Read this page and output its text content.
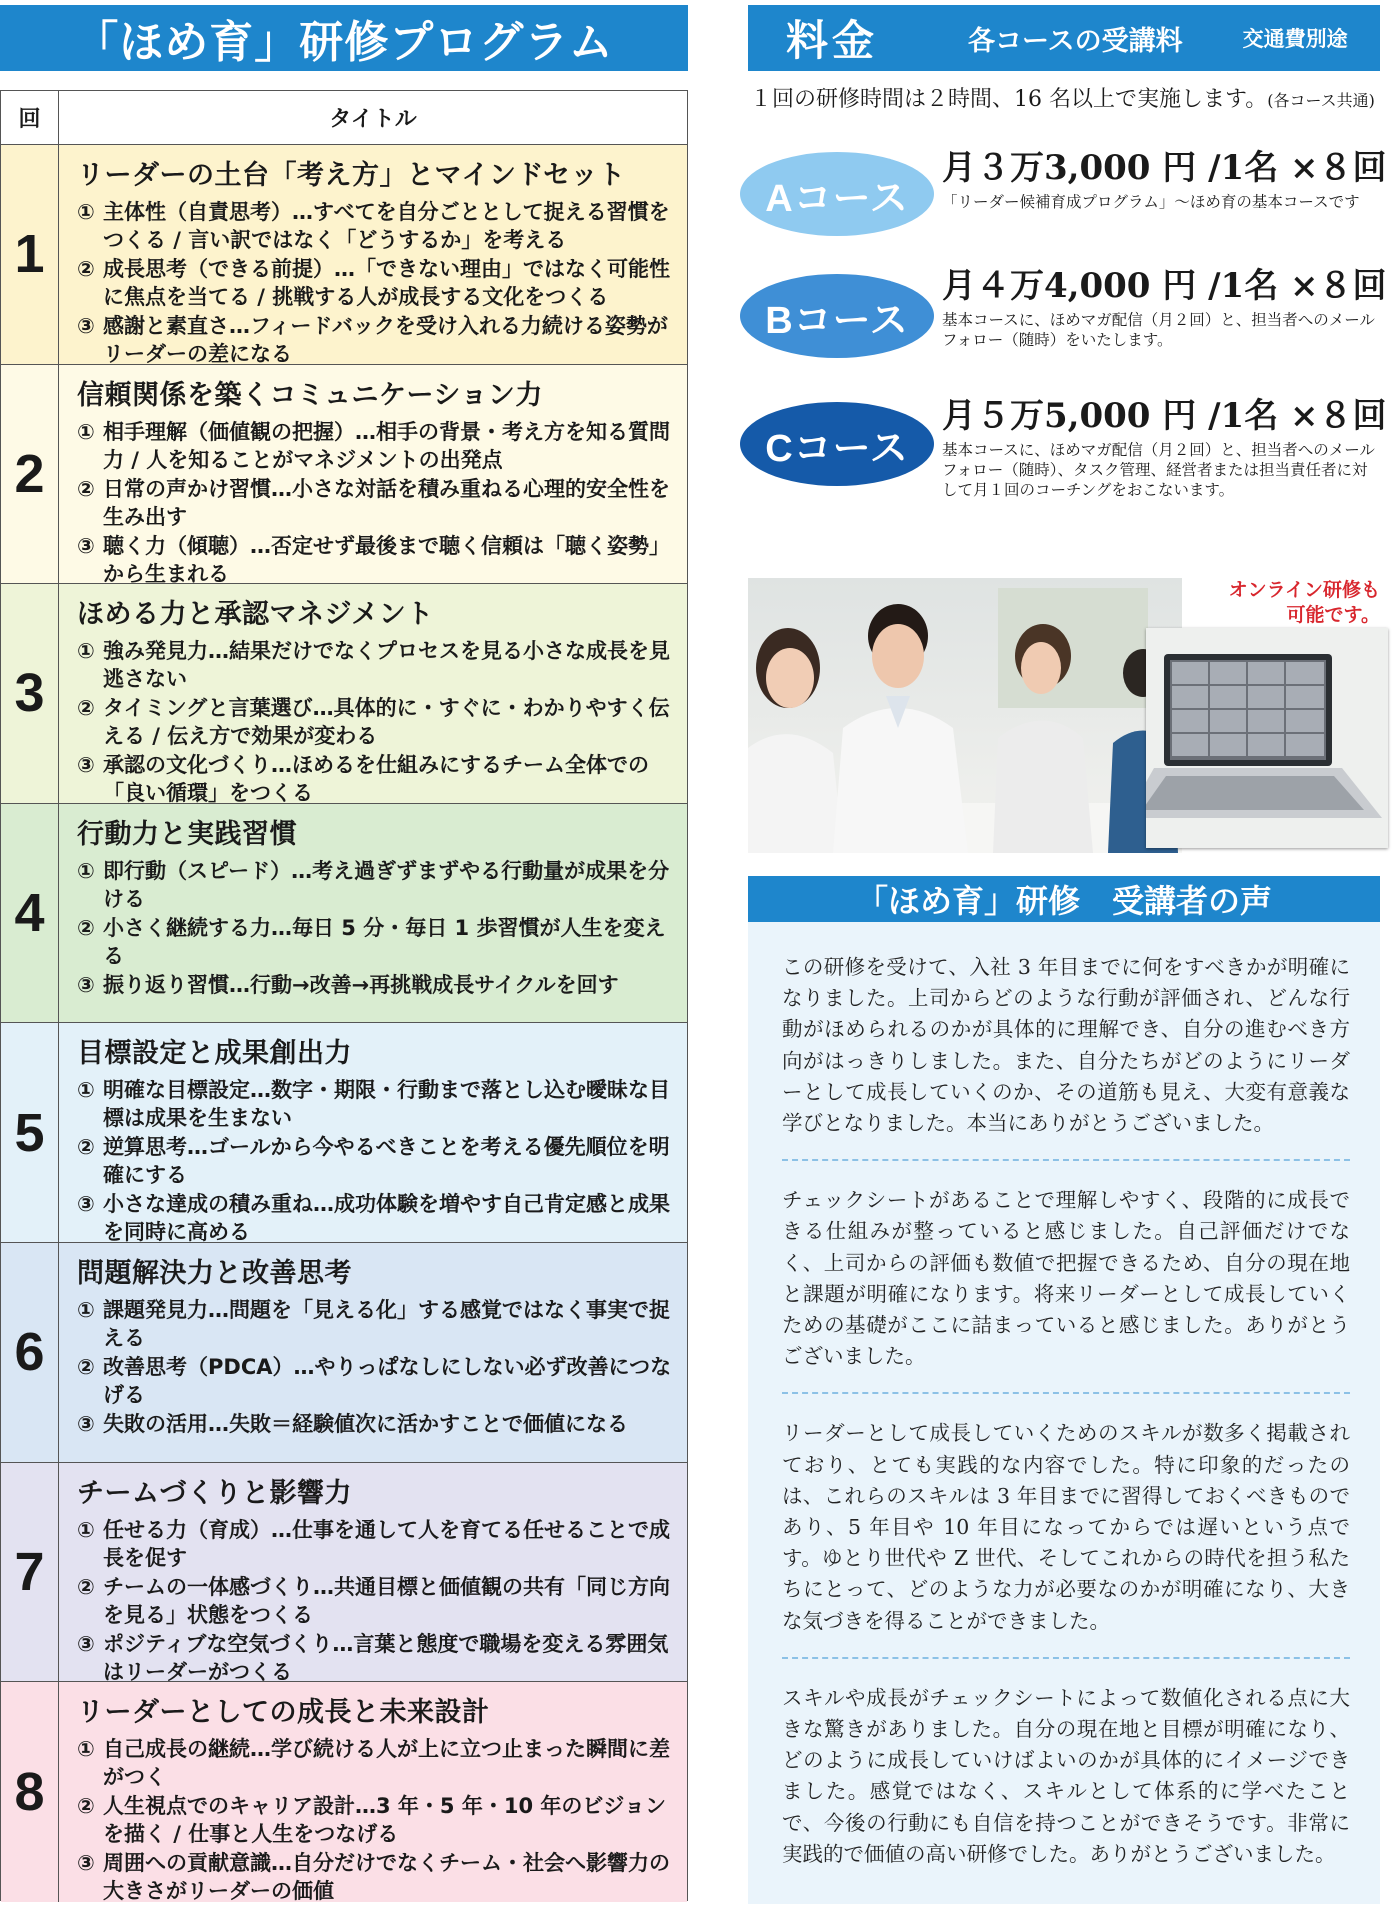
「ほめ育」研修プログラム
回	タイトル
1
リーダーの土台「考え方」とマインドセット
① 主体性（自責思考）…すべてを自分ごととして捉える習慣をつくる / 言い訳ではなく「どうするか」を考える
② 成長思考（できる前提）…「できない理由」ではなく可能性に焦点を当てる / 挑戦する人が成長する文化をつくる
③ 感謝と素直さ…フィードバックを受け入れる力続ける姿勢がリーダーの差になる
2
信頼関係を築くコミュニケーション力
① 相手理解（価値観の把握）…相手の背景・考え方を知る質問力 / 人を知ることがマネジメントの出発点
② 日常の声かけ習慣…小さな対話を積み重ねる心理的安全性を生み出す
③ 聴く力（傾聴）…否定せず最後まで聴く信頼は「聴く姿勢」から生まれる
3
ほめる力と承認マネジメント
① 強み発見力…結果だけでなくプロセスを見る小さな成長を見逃さない
② タイミングと言葉選び…具体的に・すぐに・わかりやすく伝える / 伝え方で効果が変わる
③ 承認の文化づくり…ほめるを仕組みにするチーム全体での「良い循環」をつくる
4
行動力と実践習慣
① 即行動（スピード）…考え過ぎずまずやる行動量が成果を分ける
② 小さく継続する力…毎日 5 分・毎日 1 歩習慣が人生を変える
③ 振り返り習慣…行動→改善→再挑戦成長サイクルを回す
5
目標設定と成果創出力
① 明確な目標設定…数字・期限・行動まで落とし込む曖昧な目標は成果を生まない
② 逆算思考…ゴールから今やるべきことを考える優先順位を明確にする
③ 小さな達成の積み重ね…成功体験を増やす自己肯定感と成果を同時に高める
6
問題解決力と改善思考
① 課題発見力…問題を「見える化」する感覚ではなく事実で捉える
② 改善思考（PDCA）…やりっぱなしにしない必ず改善につなげる
③ 失敗の活用…失敗＝経験値次に活かすことで価値になる
7
チームづくりと影響力
① 任せる力（育成）…仕事を通して人を育てる任せることで成長を促す
② チームの一体感づくり…共通目標と価値観の共有「同じ方向を見る」状態をつくる
③ ポジティブな空気づくり…言葉と態度で職場を変える雰囲気はリーダーがつくる
8
リーダーとしての成長と未来設計
① 自己成長の継続…学び続ける人が上に立つ止まった瞬間に差がつく
② 人生視点でのキャリア設計…3 年・5 年・10 年のビジョンを描く / 仕事と人生をつなげる
③ 周囲への貢献意識…自分だけでなくチーム・社会へ影響力の大きさがリーダーの価値
料金	各コースの受講料	交通費別途
１回の研修時間は２時間、16 名以上で実施します。(各コース共通)
Aコース
月３万3,000 円 /1名 ×８回
「リーダー候補育成プログラム」〜ほめ育の基本コースです
Bコース
月４万4,000 円 /1名 ×８回
基本コースに、ほめマガ配信（月２回）と、担当者へのメールフォロー（随時）をいたします。
Cコース
月５万5,000 円 /1名 ×８回
基本コースに、ほめマガ配信（月２回）と、担当者へのメールフォロー（随時）、タスク管理、経営者または担当責任者に対して月１回のコーチングをおこないます。
オンライン研修も
可能です。
「ほめ育」研修　受講者の声
この研修を受けて、入社 3 年目までに何をすべきかが明確になりました。上司からどのような行動が評価され、どんな行動がほめられるのかが具体的に理解でき、自分の進むべき方向がはっきりしました。また、自分たちがどのようにリーダーとして成長していくのか、その道筋も見え、大変有意義な学びとなりました。本当にありがとうございました。
チェックシートがあることで理解しやすく、段階的に成長できる仕組みが整っていると感じました。自己評価だけでなく、上司からの評価も数値で把握できるため、自分の現在地と課題が明確になります。将来リーダーとして成長していくための基礎がここに詰まっていると感じました。ありがとうございました。
リーダーとして成長していくためのスキルが数多く掲載されており、とても実践的な内容でした。特に印象的だったのは、これらのスキルは 3 年目までに習得しておくべきものであり、5 年目や 10 年目になってからでは遅いという点です。ゆとり世代や Z 世代、そしてこれからの時代を担う私たちにとって、どのような力が必要なのかが明確になり、大きな気づきを得ることができました。
スキルや成長がチェックシートによって数値化される点に大きな驚きがありました。自分の現在地と目標が明確になり、どのように成長していけばよいのかが具体的にイメージできました。感覚ではなく、スキルとして体系的に学べたことで、今後の行動にも自信を持つことができそうです。非常に実践的で価値の高い研修でした。ありがとうございました。
